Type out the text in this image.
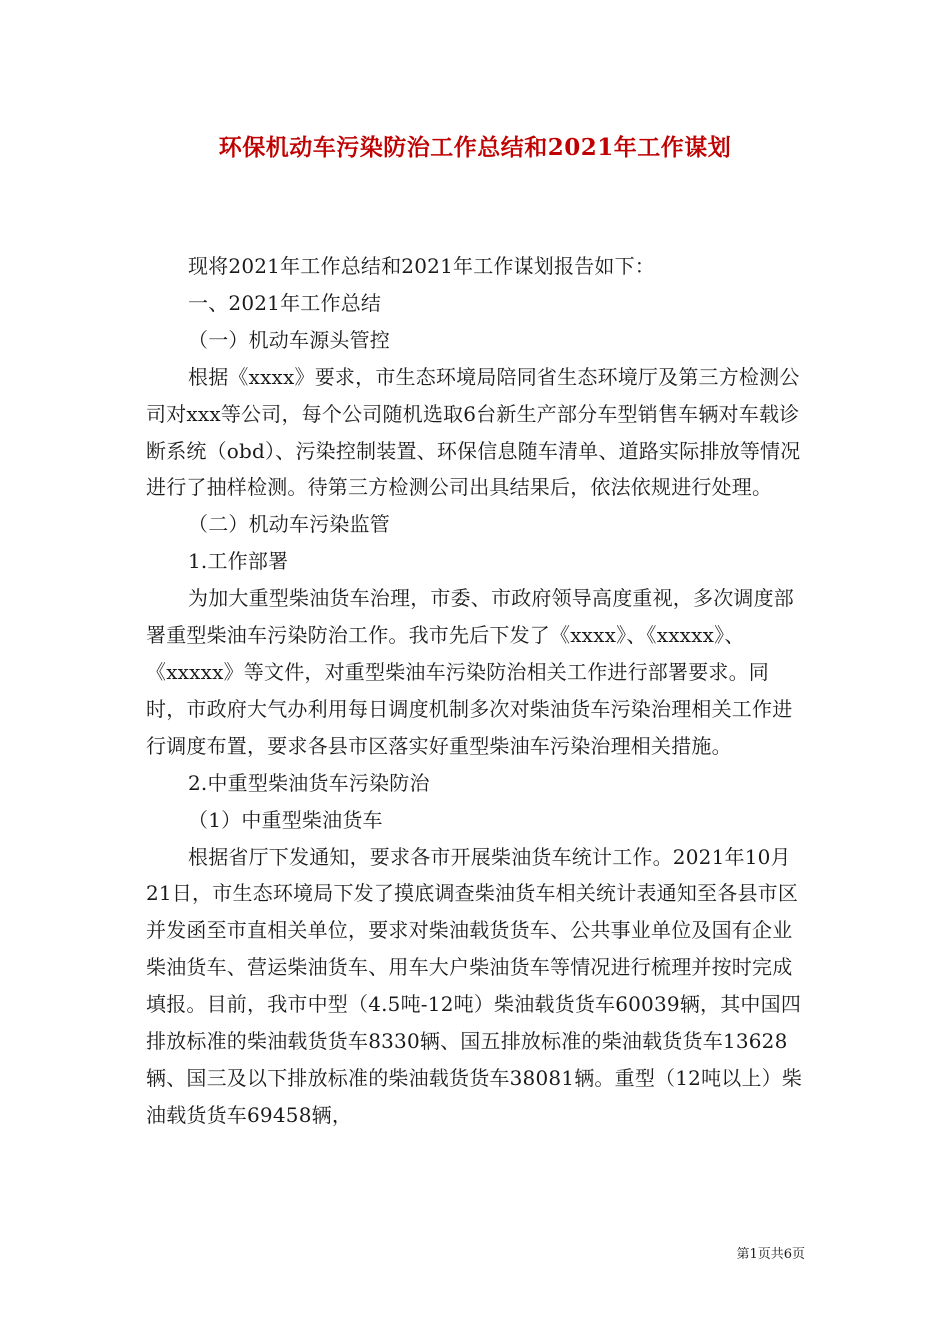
环保机动车污染防治工作总结和2021年工作谋划

现将2021年工作总结和2021年工作谋划报告如下：

一、2021年工作总结

（一）机动车源头管控

根据《xxxx》要求，市生态环境局陪同省生态环境厅及第三方检测公司对xxx等公司，每个公司随机选取6台新生产部分车型销售车辆对车载诊断系统（obd）、污染控制装置、环保信息随车清单、道路实际排放等情况进行了抽样检测。待第三方检测公司出具结果后，依法依规进行处理。

（二）机动车污染监管

1.工作部署

为加大重型柴油货车治理，市委、市政府领导高度重视，多次调度部署重型柴油车污染防治工作。我市先后下发了《xxxx》、《xxxxx》、《xxxxx》等文件，对重型柴油车污染防治相关工作进行部署要求。同时，市政府大气办利用每日调度机制多次对柴油货车污染治理相关工作进行调度布置，要求各县市区落实好重型柴油车污染治理相关措施。

2.中重型柴油货车污染防治

（1）中重型柴油货车

根据省厅下发通知，要求各市开展柴油货车统计工作。2021年10月21日，市生态环境局下发了摸底调查柴油货车相关统计表通知至各县市区并发函至市直相关单位，要求对柴油载货货车、公共事业单位及国有企业柴油货车、营运柴油货车、用车大户柴油货车等情况进行梳理并按时完成填报。目前，我市中型（4.5吨-12吨）柴油载货货车60039辆，其中国四排放标准的柴油载货货车8330辆、国五排放标准的柴油载货货车13628辆、国三及以下排放标准的柴油载货货车38081辆。重型（12吨以上）柴油载货货车69458辆，

第1页共6页
